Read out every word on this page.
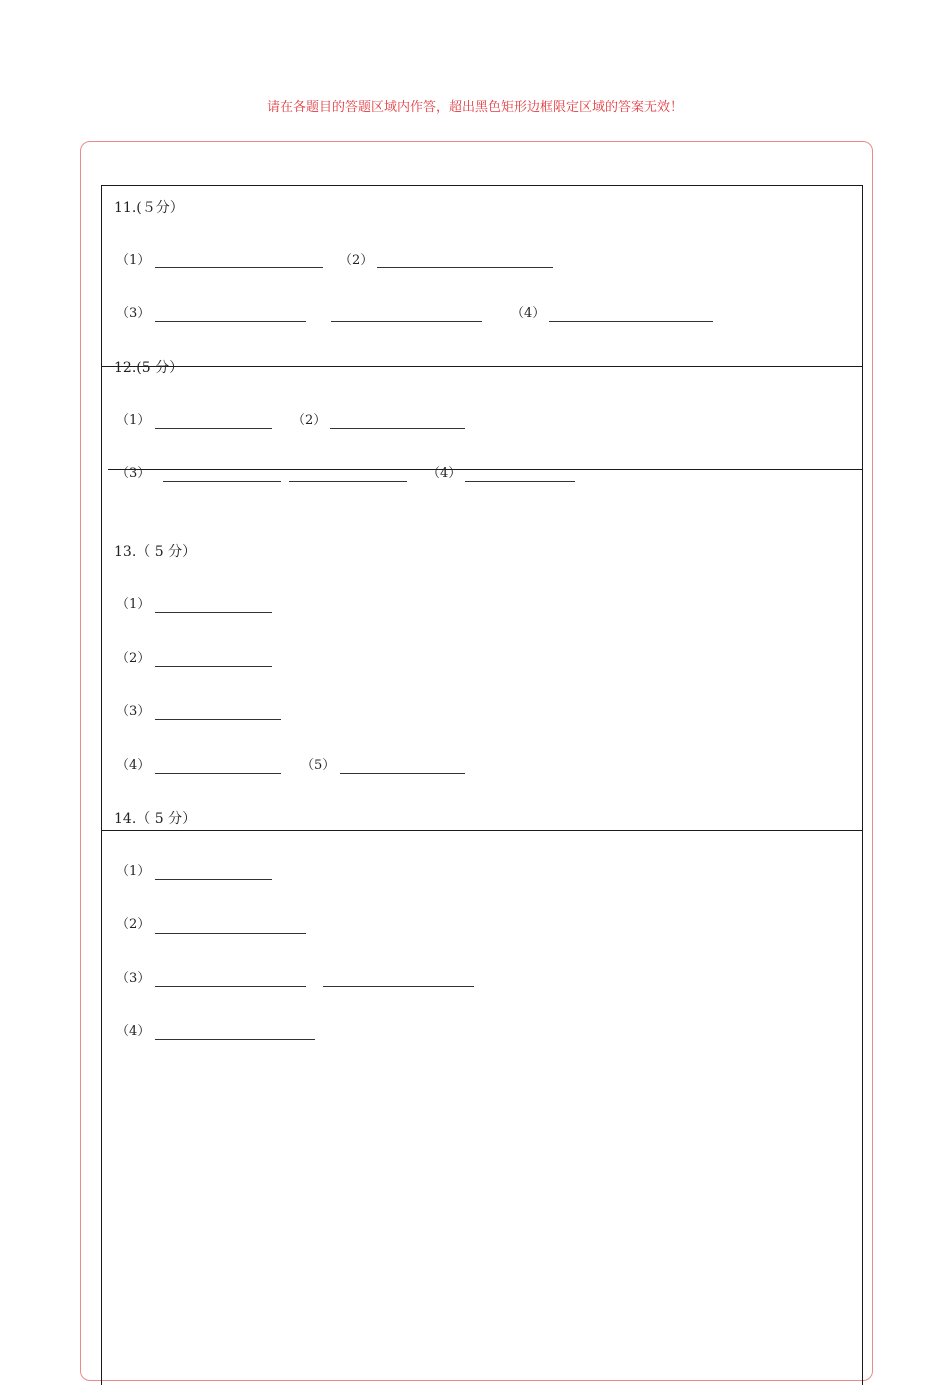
请在各题目的答题区域内作答，超出黑色矩形边框限定区域的答案无效！
11.(５分）
（1）	（2）
（3）	（4）
12.(5 分）
（1）	（2）
（3）	（4）
13.（ 5 分）
（1）
（2）
（3）
（4）	（5）
14.（ 5 分）
（1）
（2）
（3）
（4）
